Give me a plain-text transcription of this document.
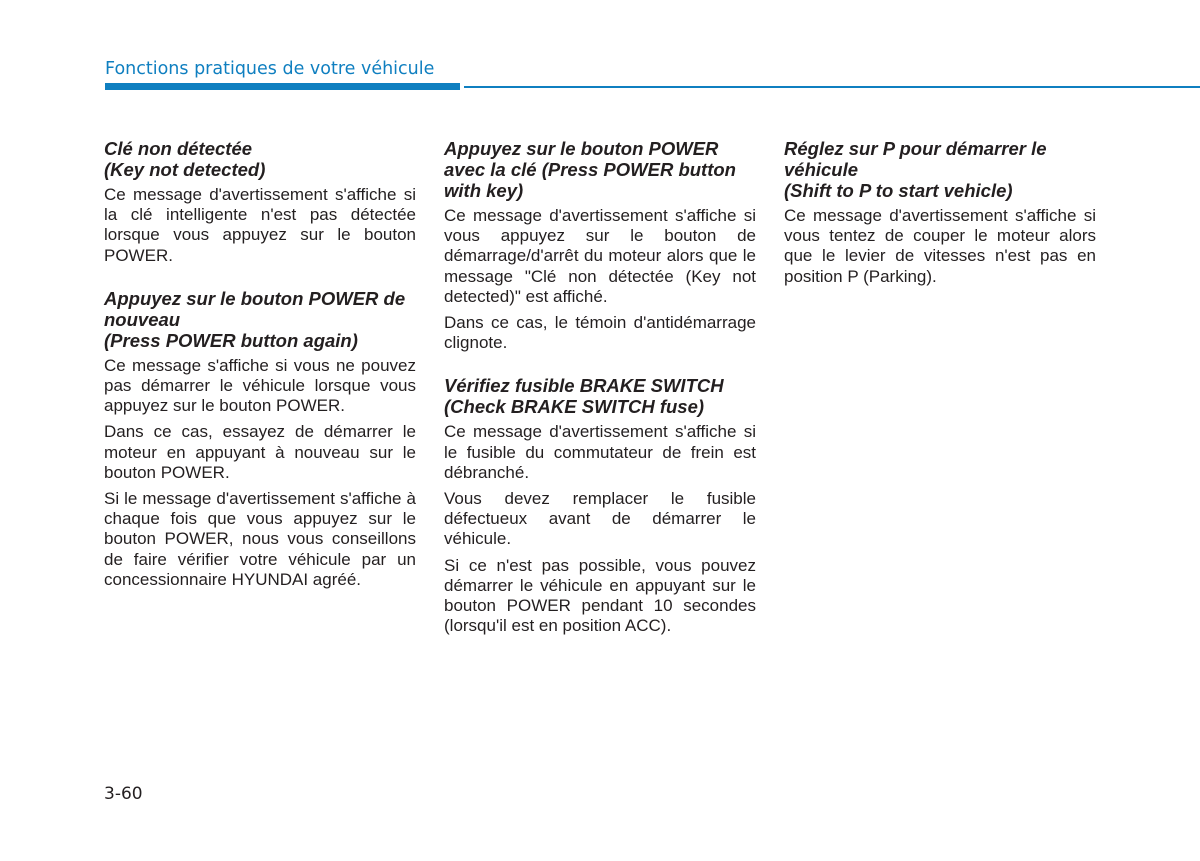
Fonctions pratiques de votre véhicule
Clé non détectée
(Key not detected)

Ce message d'avertissement s'affiche si la clé intelligente n'est pas détectée lorsque vous appuyez sur le bouton POWER.

Appuyez sur le bouton POWER de nouveau
(Press POWER button again)

Ce message s'affiche si vous ne pouvez pas démarrer le véhicule lorsque vous appuyez sur le bouton POWER.

Dans ce cas, essayez de démarrer le moteur en appuyant à nouveau sur le bouton POWER.

Si le message d'avertissement s'affiche à chaque fois que vous appuyez sur le bouton POWER, nous vous conseillons de faire vérifier votre véhicule par un concessionnaire HYUNDAI agréé.

Appuyez sur le bouton POWER avec la clé (Press POWER button with key)

Ce message d'avertissement s'affiche si vous appuyez sur le bouton de démarrage/d'arrêt du moteur alors que le message "Clé non détectée (Key not detected)" est affiché.

Dans ce cas, le témoin d'antidémarrage clignote.

Vérifiez fusible BRAKE SWITCH
(Check BRAKE SWITCH fuse)

Ce message d'avertissement s'affiche si le fusible du commutateur de frein est débranché.

Vous devez remplacer le fusible défectueux avant de démarrer le véhicule.

Si ce n'est pas possible, vous pouvez démarrer le véhicule en appuyant sur le bouton POWER pendant 10 secondes (lorsqu'il est en position ACC).

Réglez sur P pour démarrer le véhicule
(Shift to P to start vehicle)

Ce message d'avertissement s'affiche si vous tentez de couper le moteur alors que le levier de vitesses n'est pas en position P (Parking).

3-60
